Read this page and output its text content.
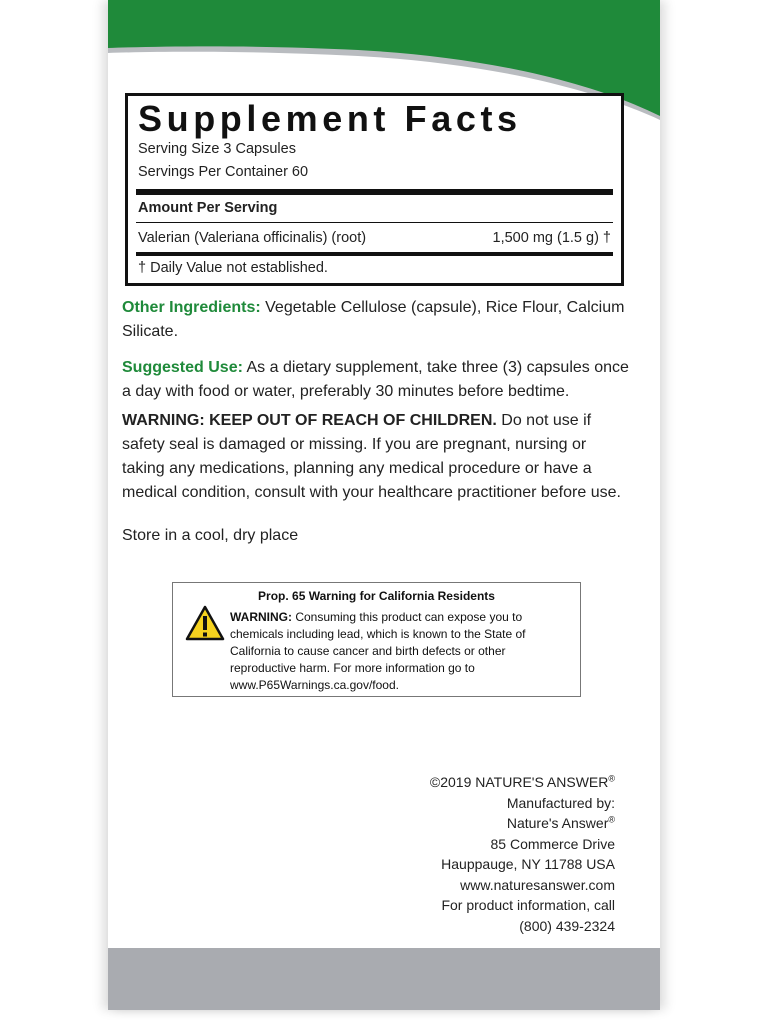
Supplement Facts
Serving Size 3 Capsules
Servings Per Container 60
Amount Per Serving
Valerian (Valeriana officinalis) (root)	1,500 mg (1.5 g) †
† Daily Value not established.
Other Ingredients: Vegetable Cellulose (capsule), Rice Flour, Calcium Silicate.
Suggested Use: As a dietary supplement, take three (3) capsules once a day with food or water, preferably 30 minutes before bedtime.
WARNING: KEEP OUT OF REACH OF CHILDREN. Do not use if safety seal is damaged or missing. If you are pregnant, nursing or taking any medications, planning any medical procedure or have a medical condition, consult with your healthcare practitioner before use.
Store in a cool, dry place
Prop. 65 Warning for California Residents
WARNING: Consuming this product can expose you to chemicals including lead, which is known to the State of California to cause cancer and birth defects or other reproductive harm. For more information go to www.P65Warnings.ca.gov/food.
©2019 NATURE'S ANSWER®
Manufactured by:
Nature's Answer®
85 Commerce Drive
Hauppauge, NY 11788 USA
www.naturesanswer.com
For product information, call
(800) 439-2324
